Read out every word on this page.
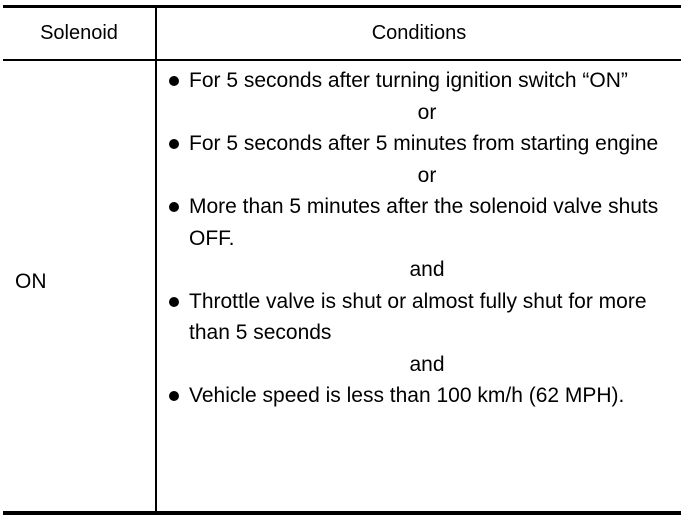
Solenoid	Conditions
ON
For 5 seconds after turning ignition switch “ON”
or
For 5 seconds after 5 minutes from starting engine
or
More than 5 minutes after the solenoid valve shuts OFF.
and
Throttle valve is shut or almost fully shut for more than 5 seconds
and
Vehicle speed is less than 100 km/h (62 MPH).
